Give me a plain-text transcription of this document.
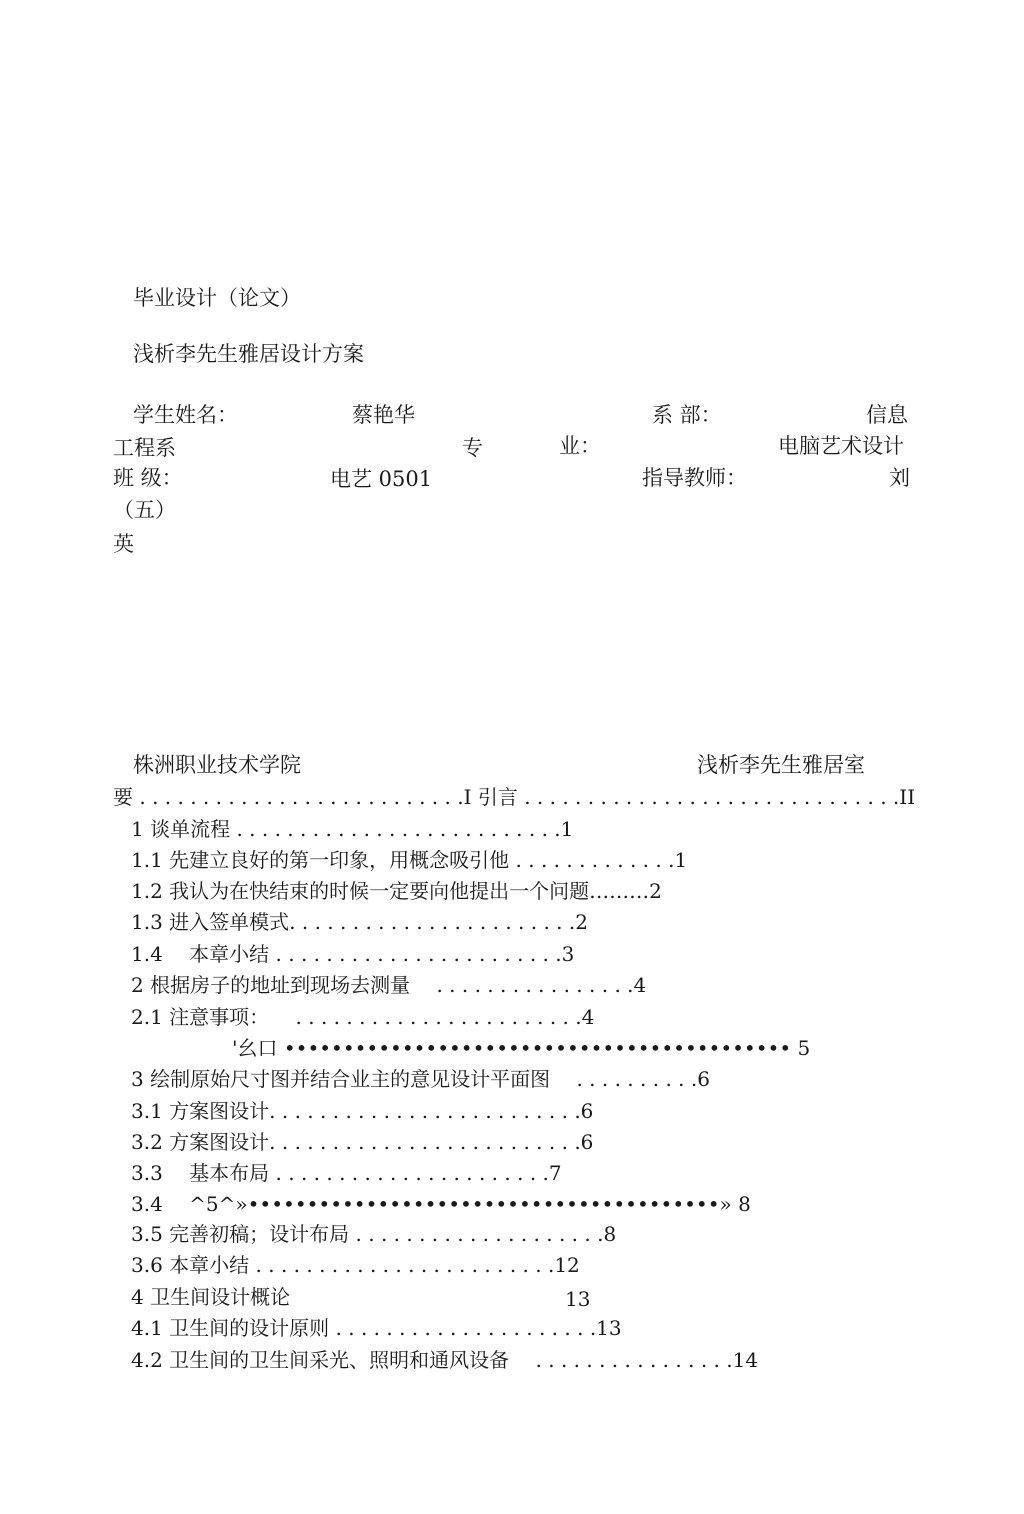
毕业设计（论文）
浅析李先生雅居设计方案
学生姓名：	蔡艳华	系 部：	信息
工程系	专	业：	电脑艺术设计
班 级：	电艺 0501	指导教师：	刘
（五）
英
株洲职业技术学院	浅析李先生雅居室
要 . . . . . . . . . . . . . . . . . . . . . . . . . .I 引言 . . . . . . . . . . . . . . . . . . . . . . . . . . . . . .II
1 谈单流程 . . . . . . . . . . . . . . . . . . . . . . . . . .1
1.1 先建立良好的第一印象，用概念吸引他 . . . . . . . . . . . . .1
1.2 我认为在快结束的时候一定要向他提出一个问题………2
1.3 进入签单模式. . . . . . . . . . . . . . . . . . . . . . .2
1.4 　本章小结 . . . . . . . . . . . . . . . . . . . . . . .3
2 根据房子的地址到现场去测量 　. . . . . . . . . . . . . . . .4
2.1 注意事项： 　. . . . . . . . . . . . . . . . . . . . . . .4
'幺口 ••••••••••••••••••••••••••••••••••••••••••• 5
3 绘制原始尺寸图并结合业主的意见设计平面图 　. . . . . . . . . .6
3.1 方案图设计. . . . . . . . . . . . . . . . . . . . . . . . .6
3.2 方案图设计. . . . . . . . . . . . . . . . . . . . . . . . .6
3.3 　基本布局 . . . . . . . . . . . . . . . . . . . . . .7
3.4 　^5^»••••••••••••••••••••••••••••••••••••••••» 8
3.5 完善初稿；设计布局 . . . . . . . . . . . . . . . . . . . .8
3.6 本章小结 . . . . . . . . . . . . . . . . . . . . . . . .12
4 卫生间设计概论	13
4.1 卫生间的设计原则 . . . . . . . . . . . . . . . . . . . . .13
4.2 卫生间的卫生间采光、照明和通风设备 　. . . . . . . . . . . . . . . .14
